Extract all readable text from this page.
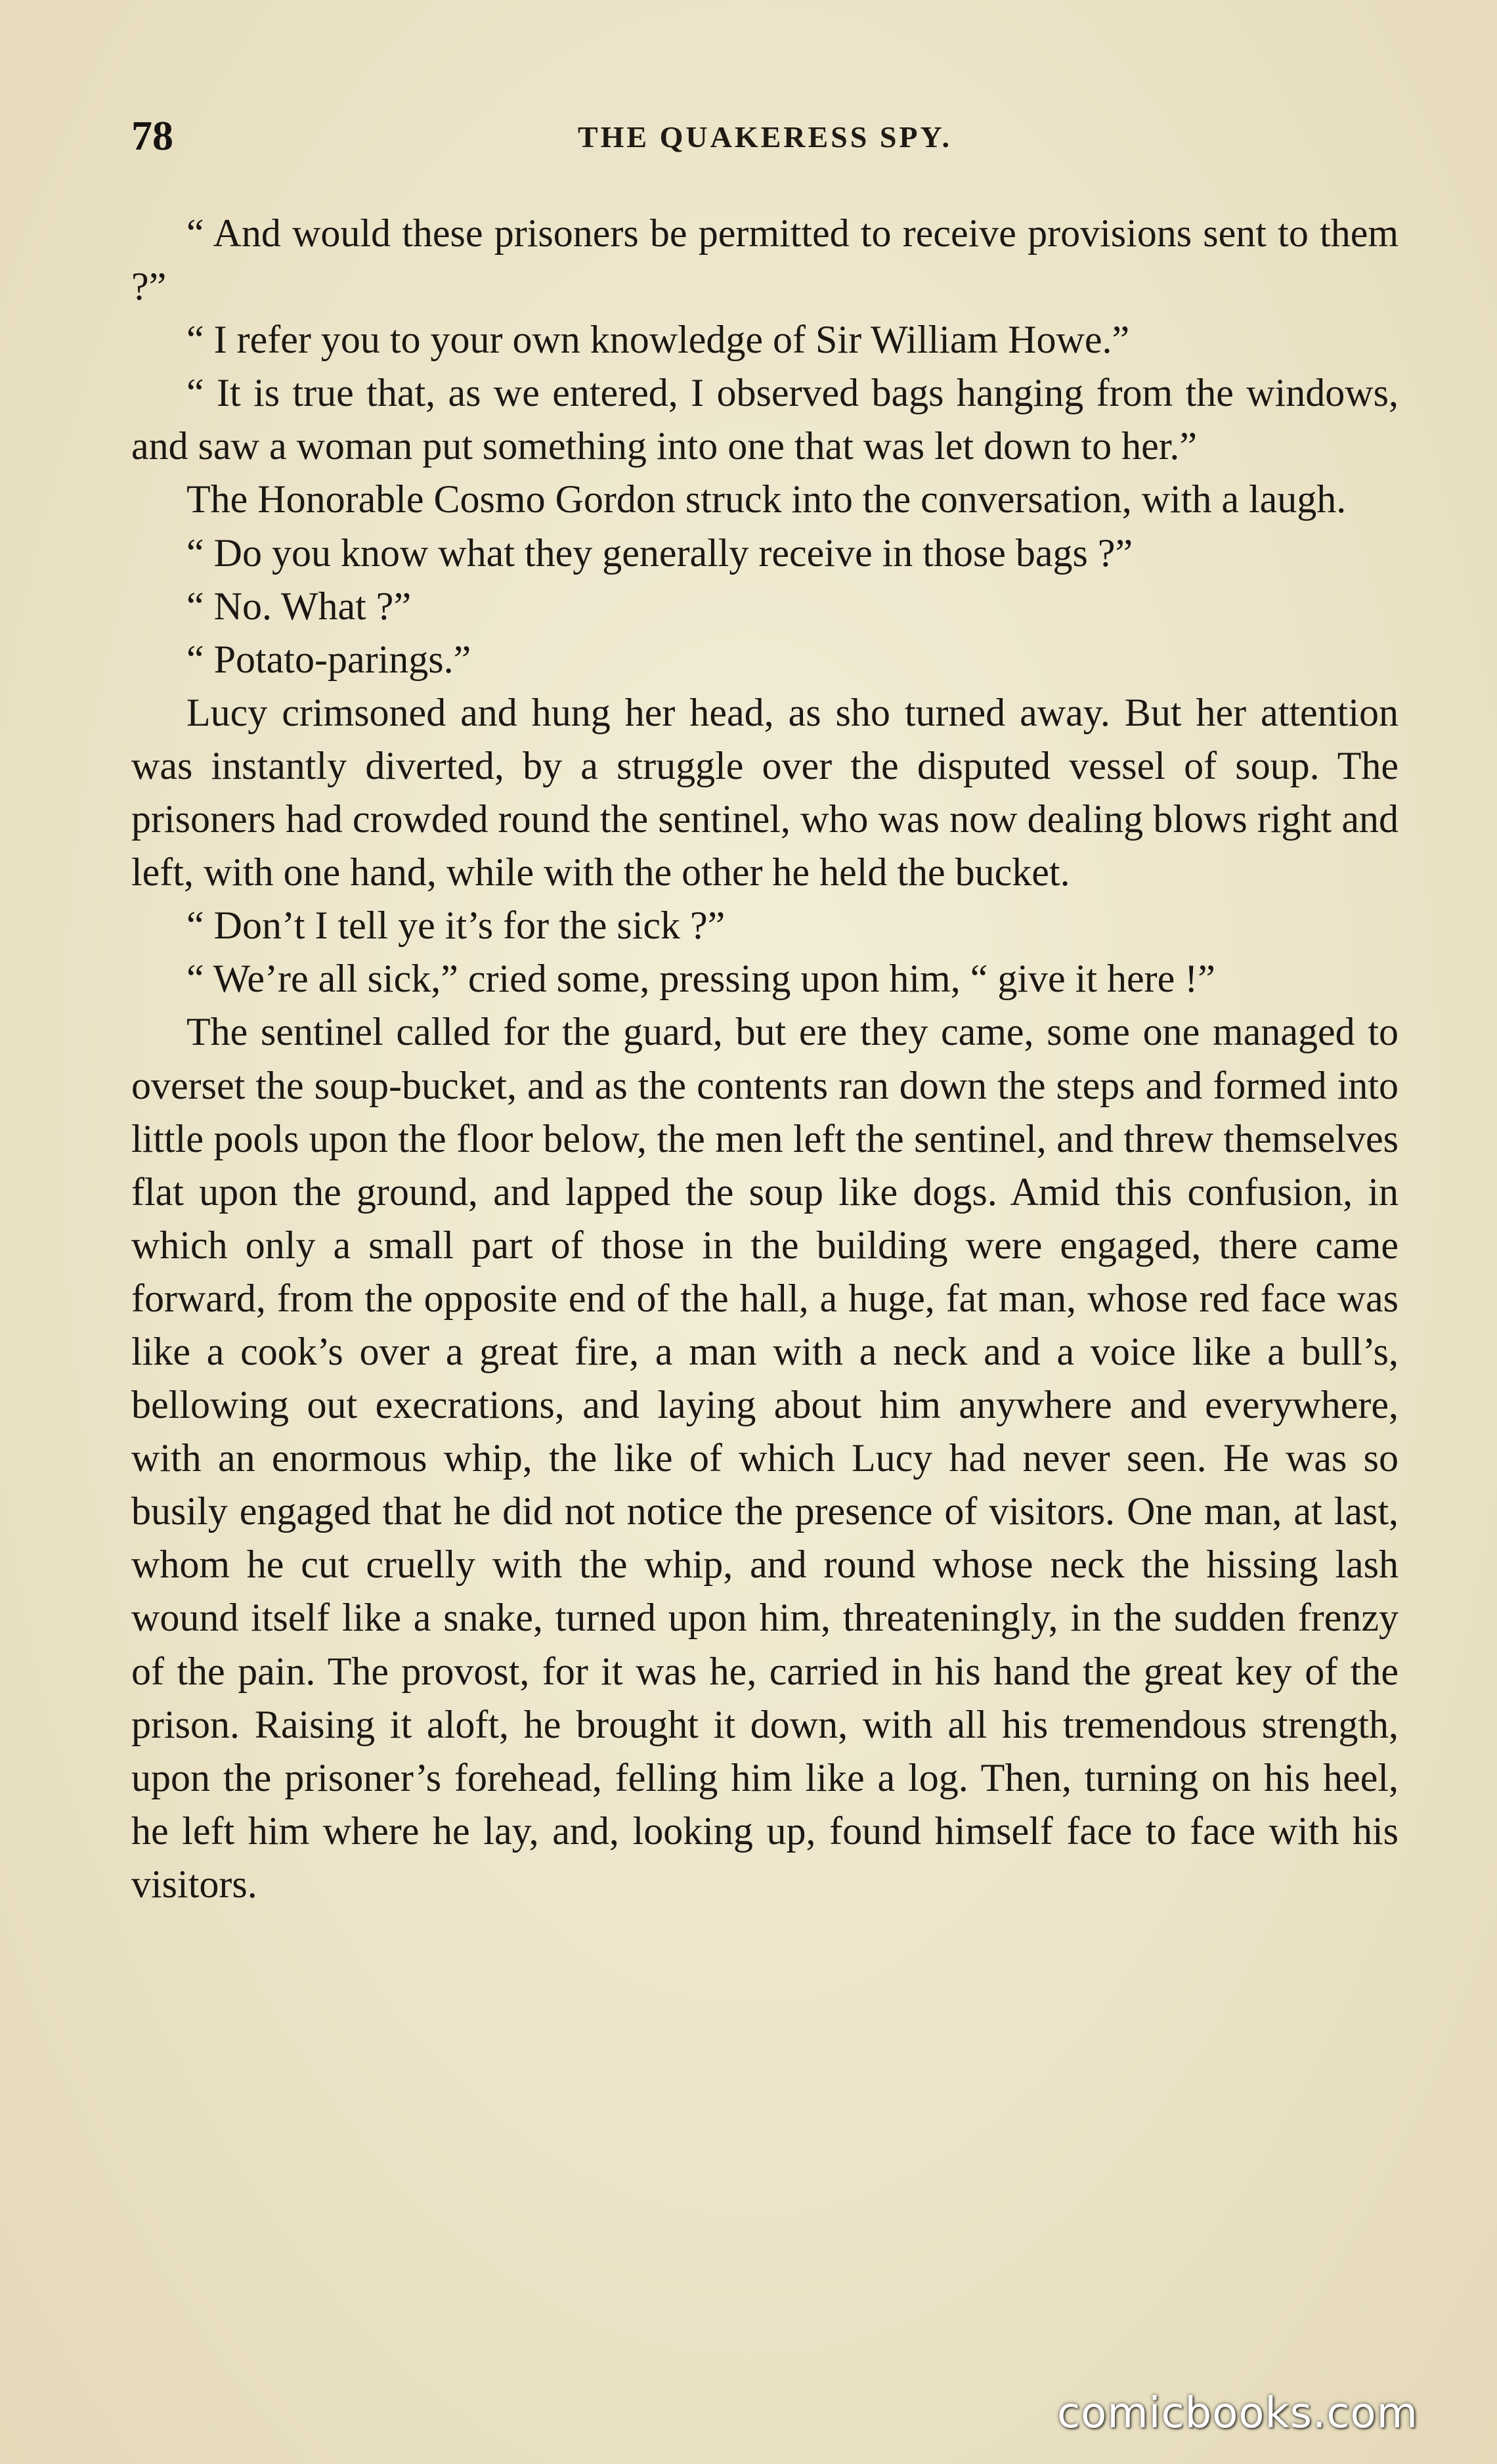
78	THE QUAKERESS SPY.

“ And would these prisoners be permitted to receive provisions sent to them ?”

“ I refer you to your own knowledge of Sir William Howe.”

“ It is true that, as we entered, I observed bags hanging from the windows, and saw a woman put something into one that was let down to her.”

The Honorable Cosmo Gordon struck into the conversation, with a laugh.

“ Do you know what they generally receive in those bags ?”

“ No. What ?”

“ Potato-parings.”

Lucy crimsoned and hung her head, as sho turned away. But her attention was instantly diverted, by a struggle over the disputed vessel of soup. The prisoners had crowded round the sentinel, who was now dealing blows right and left, with one hand, while with the other he held the bucket.

“ Don’t I tell ye it’s for the sick ?”

“ We’re all sick,” cried some, pressing upon him, “ give it here !”

The sentinel called for the guard, but ere they came, some one managed to overset the soup-bucket, and as the contents ran down the steps and formed into little pools upon the floor below, the men left the sentinel, and threw themselves flat upon the ground, and lapped the soup like dogs. Amid this confusion, in which only a small part of those in the building were engaged, there came forward, from the opposite end of the hall, a huge, fat man, whose red face was like a cook’s over a great fire, a man with a neck and a voice like a bull’s, bellowing out execrations, and laying about him anywhere and everywhere, with an enormous whip, the like of which Lucy had never seen. He was so busily engaged that he did not notice the presence of visitors. One man, at last, whom he cut cruelly with the whip, and round whose neck the hissing lash wound itself like a snake, turned upon him, threateningly, in the sudden frenzy of the pain. The provost, for it was he, carried in his hand the great key of the prison. Raising it aloft, he brought it down, with all his tremendous strength, upon the prisoner’s forehead, felling him like a log. Then, turning on his heel, he left him where he lay, and, looking up, found himself face to face with his visitors.

comicbooks.com
